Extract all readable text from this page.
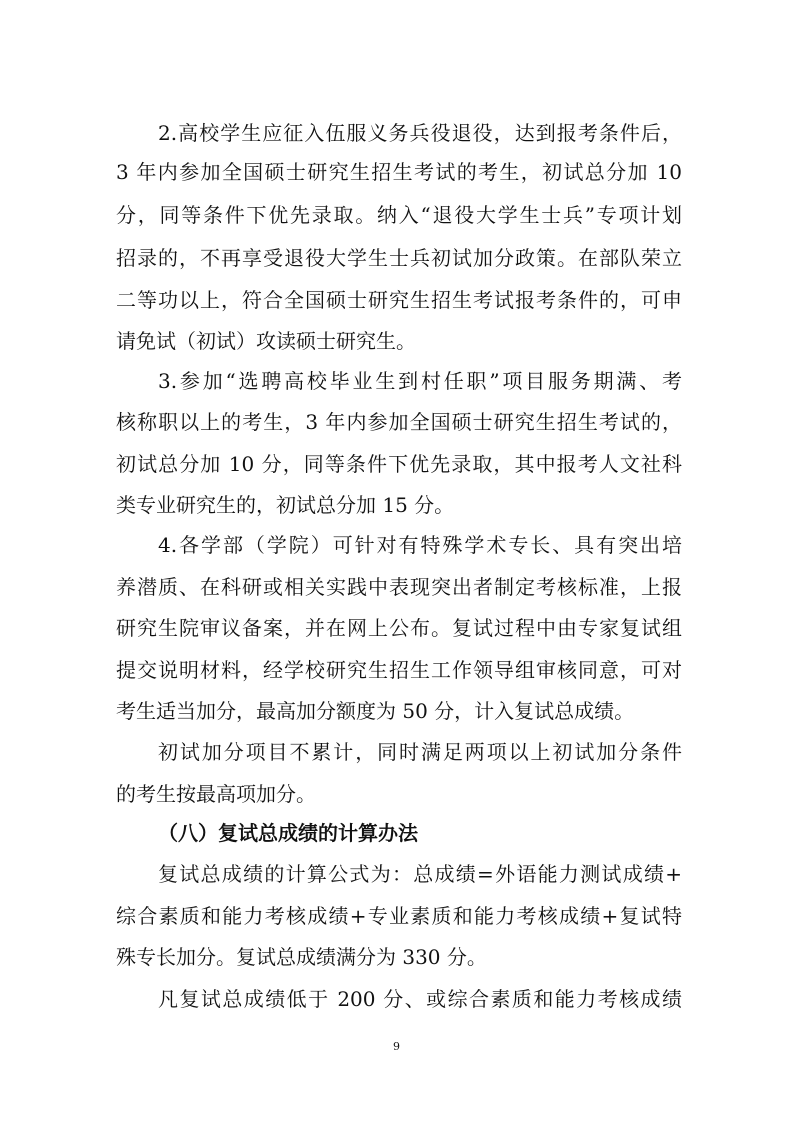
2.高校学生应征入伍服义务兵役退役，达到报考条件后，
3 年内参加全国硕士研究生招生考试的考生，初试总分加 10
分，同等条件下优先录取。纳入“退役大学生士兵”专项计划
招录的，不再享受退役大学生士兵初试加分政策。在部队荣立
二等功以上，符合全国硕士研究生招生考试报考条件的，可申
请免试（初试）攻读硕士研究生。
3.参加“选聘高校毕业生到村任职”项目服务期满、考
核称职以上的考生，3 年内参加全国硕士研究生招生考试的，
初试总分加 10 分，同等条件下优先录取，其中报考人文社科
类专业研究生的，初试总分加 15 分。
4.各学部（学院）可针对有特殊学术专长、具有突出培
养潜质、在科研或相关实践中表现突出者制定考核标准，上报
研究生院审议备案，并在网上公布。复试过程中由专家复试组
提交说明材料，经学校研究生招生工作领导组审核同意，可对
考生适当加分，最高加分额度为 50 分，计入复试总成绩。
初试加分项目不累计，同时满足两项以上初试加分条件
的考生按最高项加分。
（八）复试总成绩的计算办法
复试总成绩的计算公式为：总成绩=外语能力测试成绩+
综合素质和能力考核成绩+专业素质和能力考核成绩+复试特
殊专长加分。复试总成绩满分为 330 分。
凡复试总成绩低于 200 分、或综合素质和能力考核成绩
9
